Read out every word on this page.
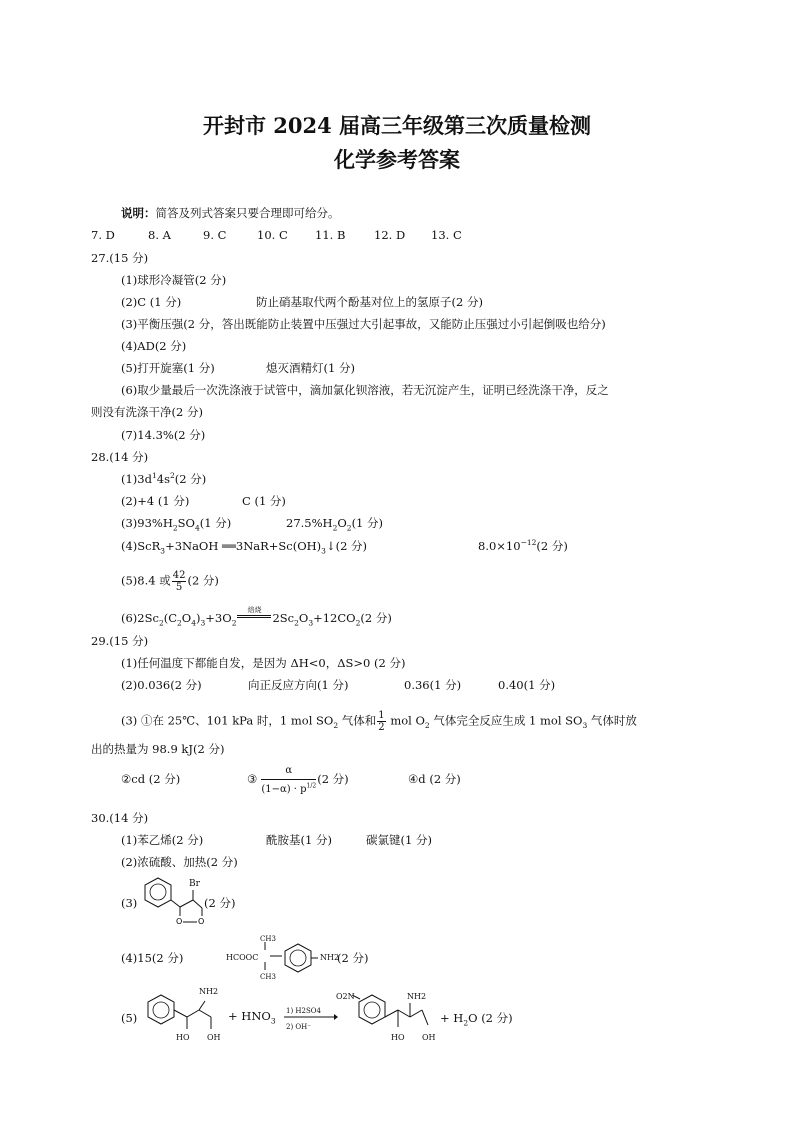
开封市 2024 届高三年级第三次质量检测
化学参考答案
说明：简答及列式答案只要合理即可给分。
7. D	8. A	9. C	10. C 11. B 12. D 13. C
27.(15 分)
(1)球形冷凝管(2 分)
(2)C (1 分)	防止硝基取代两个酚基对位上的氢原子(2 分)
(3)平衡压强(2 分，答出既能防止装置中压强过大引起事故，又能防止压强过小引起倒吸也给分)
(4)AD(2 分)
(5)打开旋塞(1 分)	熄灭酒精灯(1 分)
(6)取少量最后一次洗涤液于试管中，滴加氯化钡溶液，若无沉淀产生，证明已经洗涤干净，反之
则没有洗涤干净(2 分)
(7)14.3%(2 分)
28.(14 分)
$(1)3d^14s^2(2$ 分)
(2)+4 (1 分)	C (1 分)
$(3)93\%H_2SO_4(1$ 分)	$27.5\%H_2O_2(1$ 分)
(4)ScR$_3$+3NaOH $══3NaR+Sc(OH)_3↓(2$ 分)	$8.0\times 10^{-12}(2$ 分)
(5)8.4 或 $\frac{42}{5} (2$ 分)
$(6)2Sc_2(C_2O_4)_3+3O_2$
焙烧
$2Sc_2O_3+12CO_2(2$ 分)
29.(15 分)
(1)任何温度下都能自发，是因为 ΔH<0，ΔS>0 (2 分)
(2)0.036(2 分)	向正反应方向(1 分)	0.36(1 分)	0.40(1 分)
(3) ①在 25℃、101 kPa 时，1 mol $SO_2$ 气体和 $\frac{1}{2}$ mol $O_2$ 气体完全反应生成 1 mol $SO_3$ 气体时放
出的热量为 98.9 kJ(2 分)
②cd (2 分)	③ $\frac{\alpha}{(1-\alpha) \cdot p^{1/2}} (2$ 分)	④d (2 分)
30.(14 分)
(1)苯乙烯(2 分)	酰胺基(1 分)	碳氯键(1 分)
(2)浓硫酸、加热(2 分)
(3)
O O
Br
(2 分)
(4)15(2 分)	HCOOC
CH3
CH3
NH2
(2 分)
(5)
NH2
HO OH
+ $HNO_3$
1) H2SO4
2) OH⁻
O2N	NH2
HO OH
+ $H_2O$ (2 分)
